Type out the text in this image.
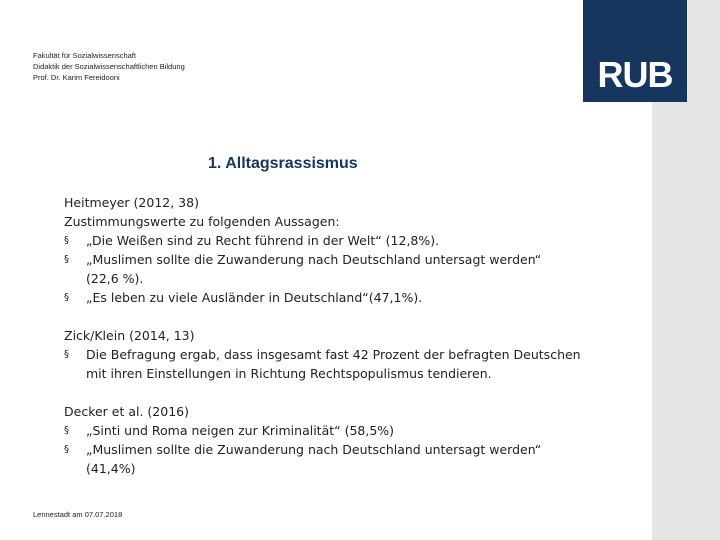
RUB
Fakultät für Sozialwissenschaft
Didaktik der Sozialwissenschaftlichen Bildung
Prof. Dr. Karim Fereidooni
1. Alltagsrassismus
Heitmeyer (2012, 38)
Zustimmungswerte zu folgenden Aussagen:
§	„Die Weißen sind zu Recht führend in der Welt“ (12,8%).
§	„Muslimen sollte die Zuwanderung nach Deutschland untersagt werden“
(22,6 %).
§	„Es leben zu viele Ausländer in Deutschland“(47,1%).
Zick/Klein (2014, 13)
§	Die Befragung ergab, dass insgesamt fast 42 Prozent der befragten Deutschen
mit ihren Einstellungen in Richtung Rechtspopulismus tendieren.
Decker et al. (2016)
§	„Sinti und Roma neigen zur Kriminalität“ (58,5%)
§	„Muslimen sollte die Zuwanderung nach Deutschland untersagt werden“
(41,4%)
Lennestadt am 07.07.2018
